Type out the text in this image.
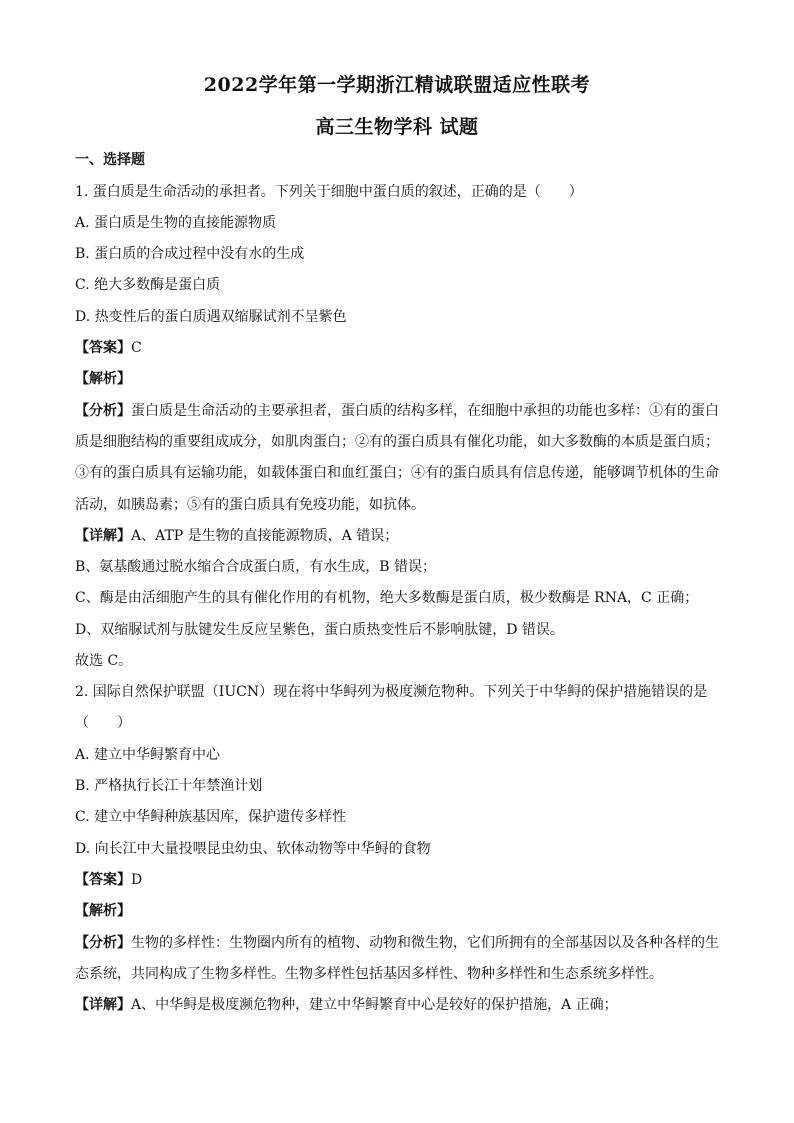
2022学年第一学期浙江精诚联盟适应性联考
高三生物学科 试题
一、选择题
1. 蛋白质是生命活动的承担者。下列关于细胞中蛋白质的叙述，正确的是（　　）
A. 蛋白质是生物的直接能源物质
B. 蛋白质的合成过程中没有水的生成
C. 绝大多数酶是蛋白质
D. 热变性后的蛋白质遇双缩脲试剂不呈紫色
【答案】C
【解析】
【分析】蛋白质是生命活动的主要承担者，蛋白质的结构多样，在细胞中承担的功能也多样：①有的蛋白
质是细胞结构的重要组成成分，如肌肉蛋白；②有的蛋白质具有催化功能，如大多数酶的本质是蛋白质；
③有的蛋白质具有运输功能，如载体蛋白和血红蛋白；④有的蛋白质具有信息传递，能够调节机体的生命
活动，如胰岛素；⑤有的蛋白质具有免疫功能，如抗体。
【详解】A、ATP 是生物的直接能源物质，A 错误；
B、氨基酸通过脱水缩合合成蛋白质，有水生成，B 错误；
C、酶是由活细胞产生的具有催化作用的有机物，绝大多数酶是蛋白质，极少数酶是 RNA，C 正确；
D、双缩脲试剂与肽键发生反应呈紫色，蛋白质热变性后不影响肽键，D 错误。
故选 C。
2. 国际自然保护联盟（IUCN）现在将中华鲟列为极度濒危物种。下列关于中华鲟的保护措施错误的是
（　　）
A. 建立中华鲟繁育中心
B. 严格执行长江十年禁渔计划
C. 建立中华鲟种族基因库，保护遗传多样性
D. 向长江中大量投喂昆虫幼虫、软体动物等中华鲟的食物
【答案】D
【解析】
【分析】生物的多样性：生物圈内所有的植物、动物和微生物，它们所拥有的全部基因以及各种各样的生
态系统，共同构成了生物多样性。生物多样性包括基因多样性、物种多样性和生态系统多样性。
【详解】A、中华鲟是极度濒危物种，建立中华鲟繁育中心是较好的保护措施，A 正确；
